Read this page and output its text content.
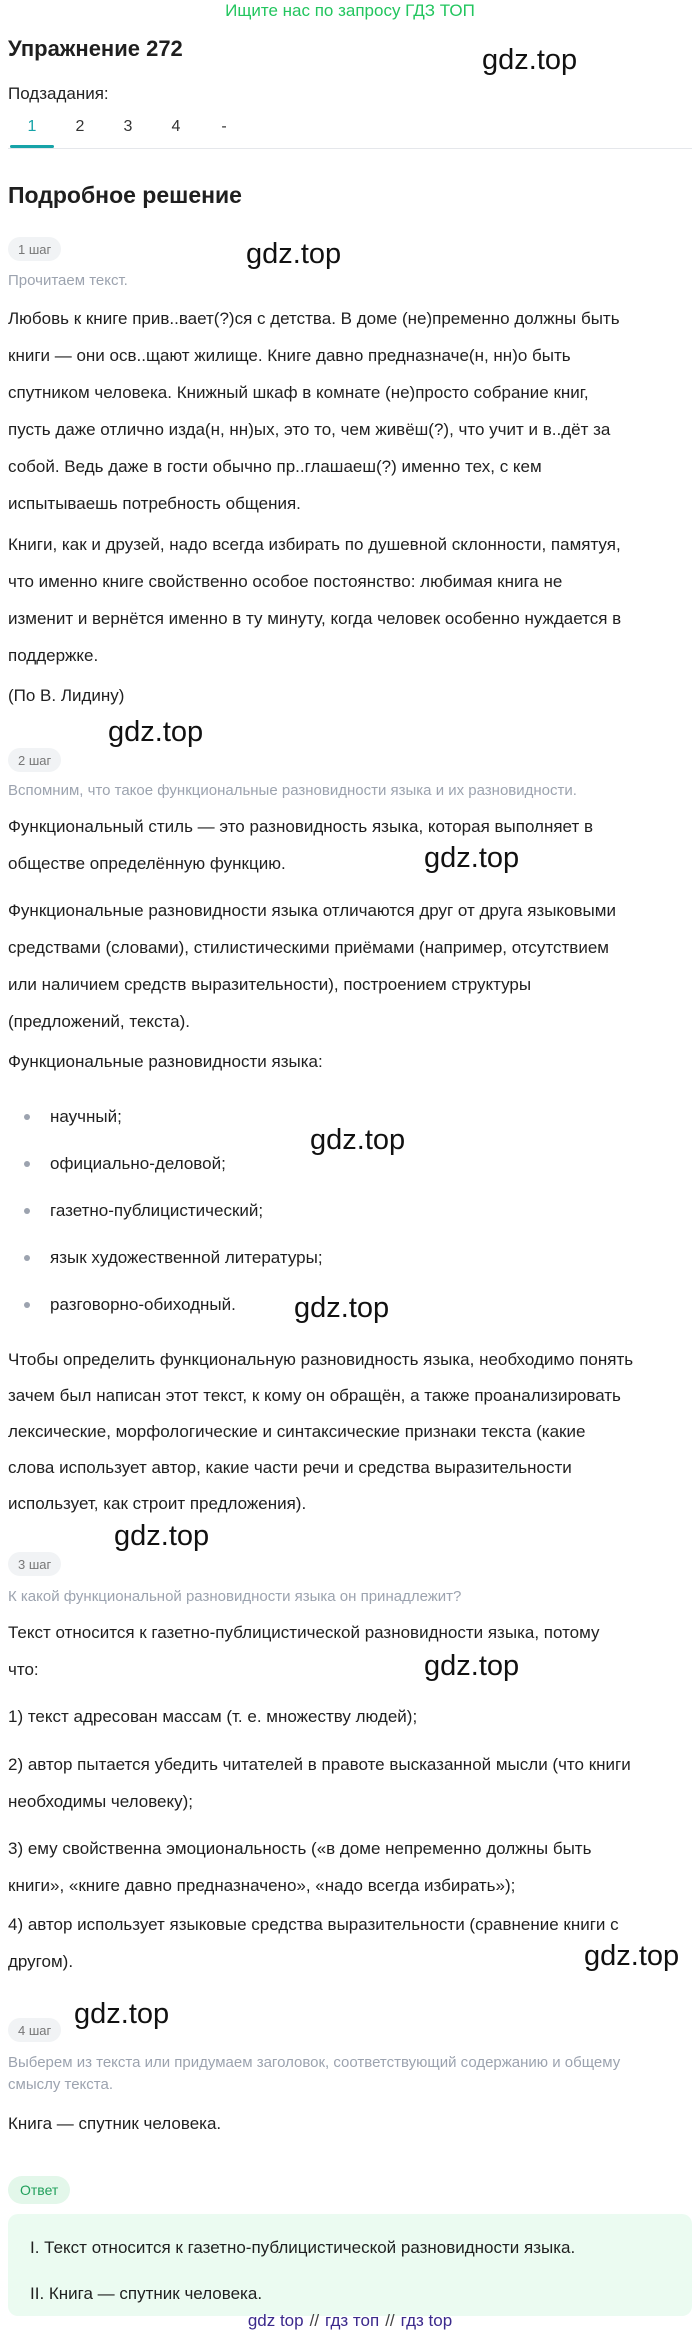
Ищите нас по запросу ГДЗ ТОП
Упражнение 272	gdz.top
Подзадания:
1	2	3	4	-
Подробное решение
1 шаг	gdz.top
Прочитаем текст.
Любовь к книге прив..вает(?)ся с детства. В доме (не)пременно должны быть
книги — они осв..щают жилище. Книге давно предназначе(н, нн)о быть
спутником человека. Книжный шкаф в комнате (не)просто собрание книг,
пусть даже отлично изда(н, нн)ых, это то, чем живёш(?), что учит и в..дёт за
собой. Ведь даже в гости обычно пр..глашаеш(?) именно тех, с кем
испытываешь потребность общения.
Книги, как и друзей, надо всегда избирать по душевной склонности, памятуя,
что именно книге свойственно особое постоянство: любимая книга не
изменит и вернётся именно в ту минуту, когда человек особенно нуждается в
поддержке.
(По В. Лидину)
gdz.top
2 шаг
Вспомним, что такое функциональные разновидности языка и их разновидности.
Функциональный стиль — это разновидность языка, которая выполняет в
обществе определённую функцию.	gdz.top
Функциональные разновидности языка отличаются друг от друга языковыми
средствами (словами), стилистическими приёмами (например, отсутствием
или наличием средств выразительности), построением структуры
(предложений, текста).
Функциональные разновидности языка:
научный;
официально-деловой;
газетно-публицистический;
язык художественной литературы;
разговорно-обиходный.
gdz.top
gdz.top
Чтобы определить функциональную разновидность языка, необходимо понять
зачем был написан этот текст, к кому он обращён, а также проанализировать
лексические, морфологические и синтаксические признаки текста (какие
слова использует автор, какие части речи и средства выразительности
использует, как строит предложения).
gdz.top
3 шаг
К какой функциональной разновидности языка он принадлежит?
Текст относится к газетно-публицистической разновидности языка, потому
что:	gdz.top
1) текст адресован массам (т. е. множеству людей);
2) автор пытается убедить читателей в правоте высказанной мысли (что книги
необходимы человеку);
3) ему свойственна эмоциональность («в доме непременно должны быть
книги», «книге давно предназначено», «надо всегда избирать»);
4) автор использует языковые средства выразительности (сравнение книги с
другом).	gdz.top
gdz.top
4 шаг
Выберем из текста или придумаем заголовок, соответствующий содержанию и общему
смыслу текста.
Книга — спутник человека.
Ответ
I. Текст относится к газетно-публицистической разновидности языка.
II. Книга — спутник человека.
gdz top // гдз топ // гдз top
